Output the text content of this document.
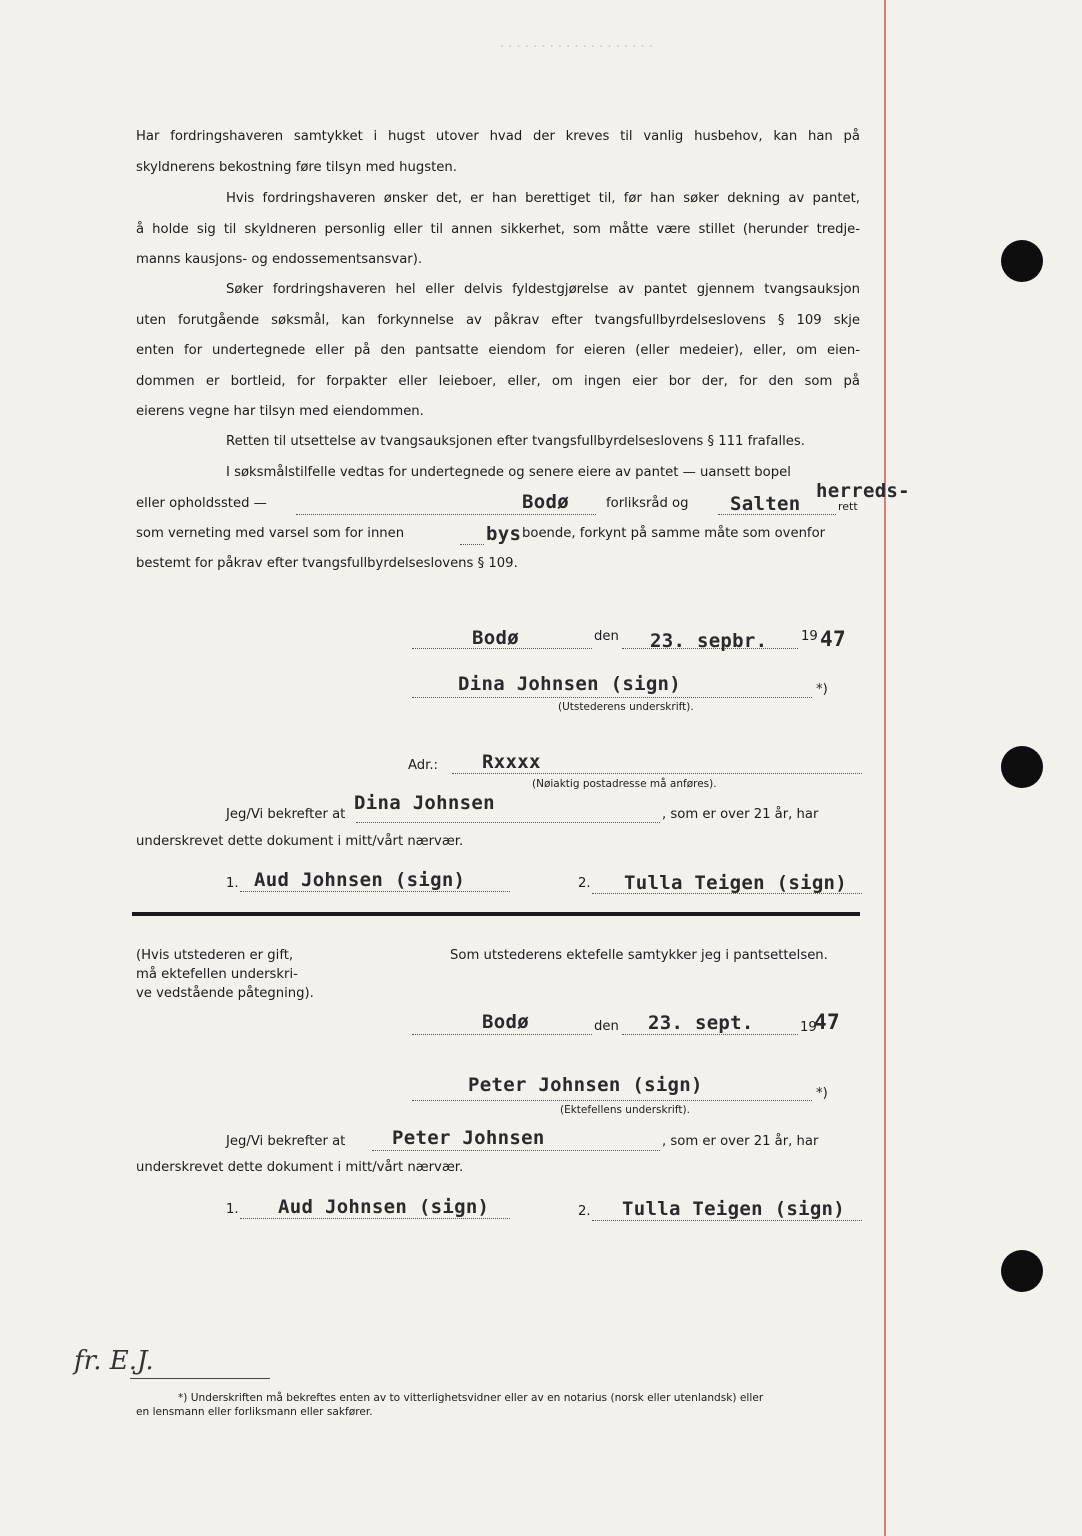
. . . . . . . . . . . . . . . . . . .
Har fordringshaveren samtykket i hugst utover hvad der kreves til vanlig husbehov, kan han på
skyldnerens bekostning føre tilsyn med hugsten.
Hvis fordringshaveren ønsker det, er han berettiget til, før han søker dekning av pantet,
å holde sig til skyldneren personlig eller til annen sikkerhet, som måtte være stillet (herunder tredje-
manns kausjons- og endossementsansvar).
Søker fordringshaveren hel eller delvis fyldestgjørelse av pantet gjennem tvangsauksjon
uten forutgående søksmål, kan forkynnelse av påkrav efter tvangsfullbyrdelseslovens § 109 skje
enten for undertegnede eller på den pantsatte eiendom for eieren (eller medeier), eller, om eien-
dommen er bortleid, for forpakter eller leieboer, eller, om ingen eier bor der, for den som på
eierens vegne har tilsyn med eiendommen.
Retten til utsettelse av tvangsauksjonen efter tvangsfullbyrdelseslovens § 111 frafalles.
I søksmålstilfelle vedtas for undertegnede og senere eiere av pantet — uansett bopel
eller opholdssted —	Bodø	forliksråd og Salten
herreds-
rett
som verneting med varsel som for innen	bys boende, forkynt på samme måte som ovenfor
bestemt for påkrav efter tvangsfullbyrdelseslovens § 109.
Bodø	den 23. sepbr.	19 47
Dina Johnsen (sign)	*)
(Utstederens underskrift).
Adr.: Rxxxx
(Nøiaktig postadresse må anføres).
Jeg/Vi bekrefter at
Dina Johnsen
, som er over 21 år, har
underskrevet dette dokument i mitt/vårt nærvær.
1. Aud Johnsen (sign)	2. Tulla Teigen (sign)
(Hvis utstederen er gift,
må ektefellen underskri-
ve vedstående påtegning).
Som utstederens ektefelle samtykker jeg i pantsettelsen.
Bodø	den 23. sept.	19
47
Peter Johnsen (sign)	*)
(Ektefellens underskrift).
Jeg/Vi bekrefter at Peter Johnsen	, som er over 21 år, har
underskrevet dette dokument i mitt/vårt nærvær.
1. Aud Johnsen (sign)	2. Tulla Teigen (sign)
fr. E.J.
*) Underskriften må bekreftes enten av to vitterlighetsvidner eller av en notarius (norsk eller utenlandsk) eller
en lensmann eller forliksmann eller sakfører.
